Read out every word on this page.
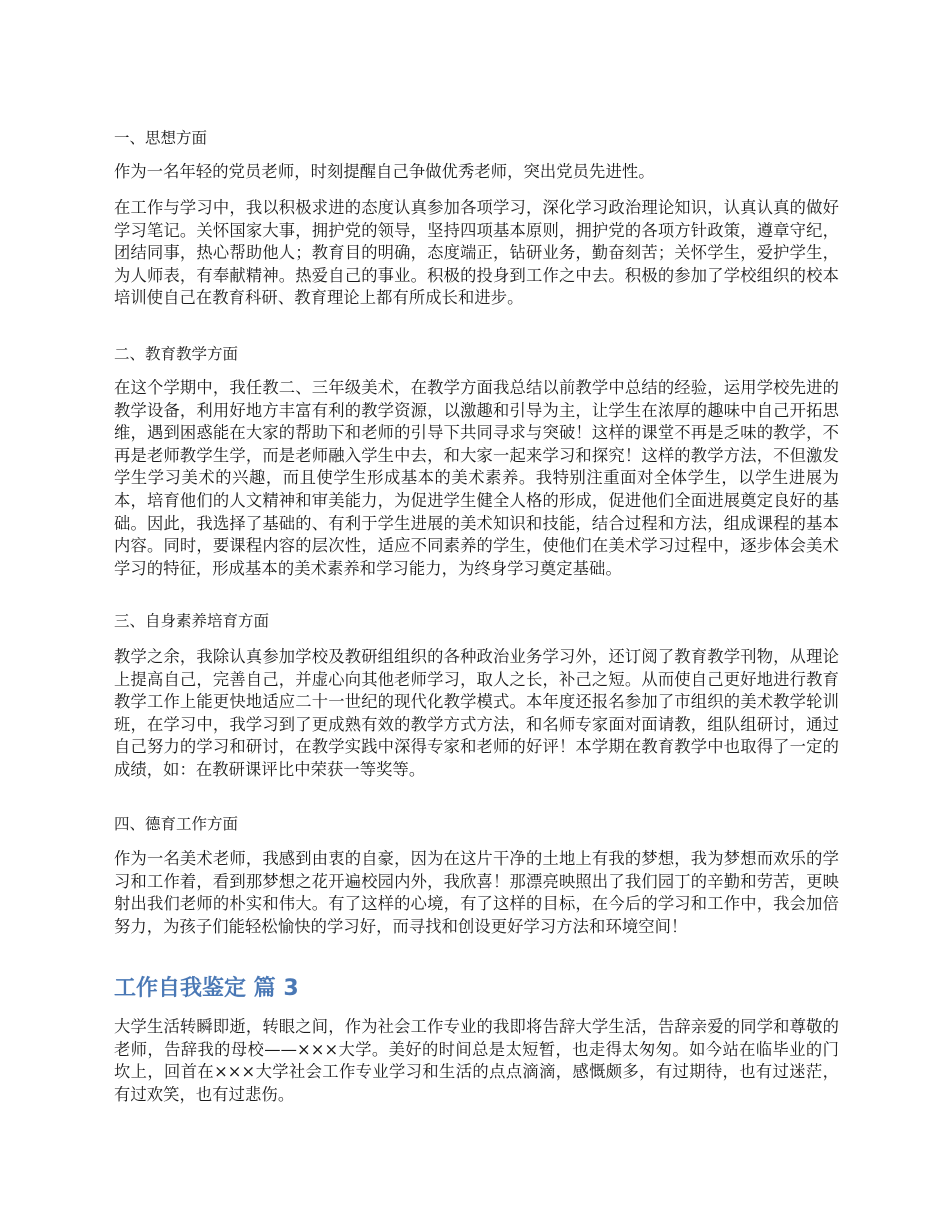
一、思想方面
作为一名年轻的党员老师，时刻提醒自己争做优秀老师，突出党员先进性。
在工作与学习中，我以积极求进的态度认真参加各项学习，深化学习政治理论知识，认真认真的做好学习笔记。关怀国家大事，拥护党的领导，坚持四项基本原则，拥护党的各项方针政策，遵章守纪，团结同事，热心帮助他人；教育目的明确，态度端正，钻研业务，勤奋刻苦；关怀学生，爱护学生，为人师表，有奉献精神。热爱自己的事业。积极的投身到工作之中去。积极的参加了学校组织的校本培训使自己在教育科研、教育理论上都有所成长和进步。
二、教育教学方面
在这个学期中，我任教二、三年级美术，在教学方面我总结以前教学中总结的经验，运用学校先进的教学设备，利用好地方丰富有利的教学资源，以激趣和引导为主，让学生在浓厚的趣味中自己开拓思维，遇到困惑能在大家的帮助下和老师的引导下共同寻求与突破！这样的课堂不再是乏味的教学，不再是老师教学生学，而是老师融入学生中去，和大家一起来学习和探究！这样的教学方法，不但激发学生学习美术的兴趣，而且使学生形成基本的美术素养。我特别注重面对全体学生，以学生进展为本，培育他们的人文精神和审美能力，为促进学生健全人格的形成，促进他们全面进展奠定良好的基础。因此，我选择了基础的、有利于学生进展的美术知识和技能，结合过程和方法，组成课程的基本内容。同时，要课程内容的层次性，适应不同素养的学生，使他们在美术学习过程中，逐步体会美术学习的特征，形成基本的美术素养和学习能力，为终身学习奠定基础。
三、自身素养培育方面
教学之余，我除认真参加学校及教研组组织的各种政治业务学习外，还订阅了教育教学刊物，从理论上提高自己，完善自己，并虚心向其他老师学习，取人之长，补己之短。从而使自己更好地进行教育教学工作上能更快地适应二十一世纪的现代化教学模式。本年度还报名参加了市组织的美术教学轮训班，在学习中，我学习到了更成熟有效的教学方式方法，和名师专家面对面请教，组队组研讨，通过自己努力的学习和研讨，在教学实践中深得专家和老师的好评！本学期在教育教学中也取得了一定的成绩，如：在教研课评比中荣获一等奖等。
四、德育工作方面
作为一名美术老师，我感到由衷的自豪，因为在这片干净的土地上有我的梦想，我为梦想而欢乐的学习和工作着，看到那梦想之花开遍校园内外，我欣喜！那漂亮映照出了我们园丁的辛勤和劳苦，更映射出我们老师的朴实和伟大。有了这样的心境，有了这样的目标，在今后的学习和工作中，我会加倍努力，为孩子们能轻松愉快的学习好，而寻找和创设更好学习方法和环境空间！
工作自我鉴定 篇 3
大学生活转瞬即逝，转眼之间，作为社会工作专业的我即将告辞大学生活，告辞亲爱的同学和尊敬的老师，告辞我的母校——×××大学。美好的时间总是太短暂，也走得太匆匆。如今站在临毕业的门坎上，回首在×××大学社会工作专业学习和生活的点点滴滴，感慨颇多，有过期待，也有过迷茫，有过欢笑，也有过悲伤。
